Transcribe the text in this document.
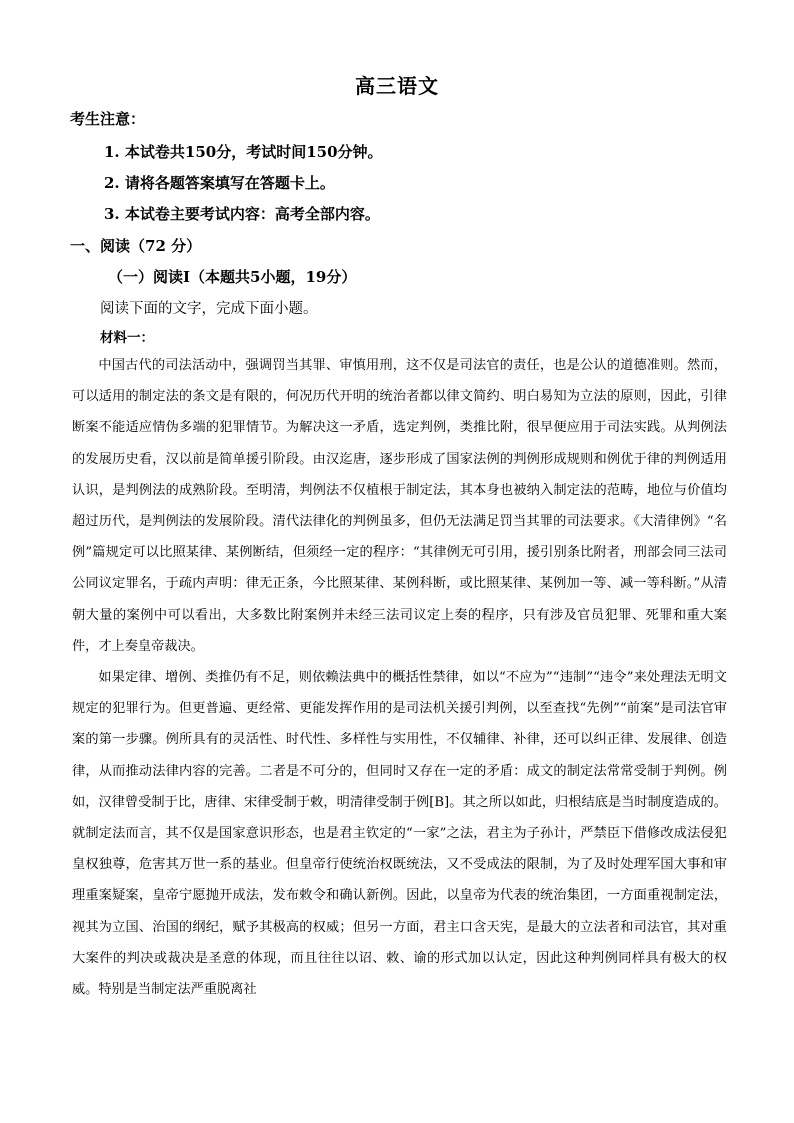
高三语文
考生注意：
1. 本试卷共150分，考试时间150分钟。
2. 请将各题答案填写在答题卡上。
3. 本试卷主要考试内容：高考全部内容。
一、阅读（72 分）
（一）阅读Ⅰ（本题共5小题，19分）
阅读下面的文字，完成下面小题。
材料一：

中国古代的司法活动中，强调罚当其罪、审慎用刑，这不仅是司法官的责任，也是公认的道德准则。然而，可以适用的制定法的条文是有限的，何况历代开明的统治者都以律文简约、明白易知为立法的原则，因此，引律断案不能适应情伪多端的犯罪情节。为解决这一矛盾，选定判例，类推比附，很早便应用于司法实践。从判例法的发展历史看，汉以前是简单援引阶段。由汉迄唐，逐步形成了国家法例的判例形成规则和例优于律的判例适用认识，是判例法的成熟阶段。至明清，判例法不仅植根于制定法，其本身也被纳入制定法的范畴，地位与价值均超过历代，是判例法的发展阶段。清代法律化的判例虽多，但仍无法满足罚当其罪的司法要求。《大清律例》“名例”篇规定可以比照某律、某例断结，但须经一定的程序：“其律例无可引用，援引别条比附者，刑部会同三法司公同议定罪名，于疏内声明：律无正条，今比照某律、某例科断，或比照某律、某例加一等、减一等科断。”从清朝大量的案例中可以看出，大多数比附案例并未经三法司议定上奏的程序，只有涉及官员犯罪、死罪和重大案件，才上奏皇帝裁决。

如果定律、增例、类推仍有不足，则依赖法典中的概括性禁律，如以“不应为”“违制”“违令”来处理法无明文规定的犯罪行为。但更普遍、更经常、更能发挥作用的是司法机关援引判例，以至查找“先例”“前案”是司法官审案的第一步骤。例所具有的灵活性、时代性、多样性与实用性，不仅辅律、补律，还可以纠正律、发展律、创造律，从而推动法律内容的完善。二者是不可分的，但同时又存在一定的矛盾：成文的制定法常常受制于判例。例如，汉律曾受制于比，唐律、宋律受制于敕，明清律受制于例[B]。其之所以如此，归根结底是当时制度造成的。就制定法而言，其不仅是国家意识形态，也是君主钦定的“一家”之法，君主为子孙计，严禁臣下借修改成法侵犯皇权独尊，危害其万世一系的基业。但皇帝行使统治权既统法，又不受成法的限制，为了及时处理军国大事和审理重案疑案，皇帝宁愿抛开成法，发布敕令和确认新例。因此，以皇帝为代表的统治集团，一方面重视制定法，视其为立国、治国的纲纪，赋予其极高的权威；但另一方面，君主口含天宪，是最大的立法者和司法官，其对重大案件的判决或裁决是圣意的体现，而且往往以诏、敕、谕的形式加以认定，因此这种判例同样具有极大的权威。特别是当制定法严重脱离社
